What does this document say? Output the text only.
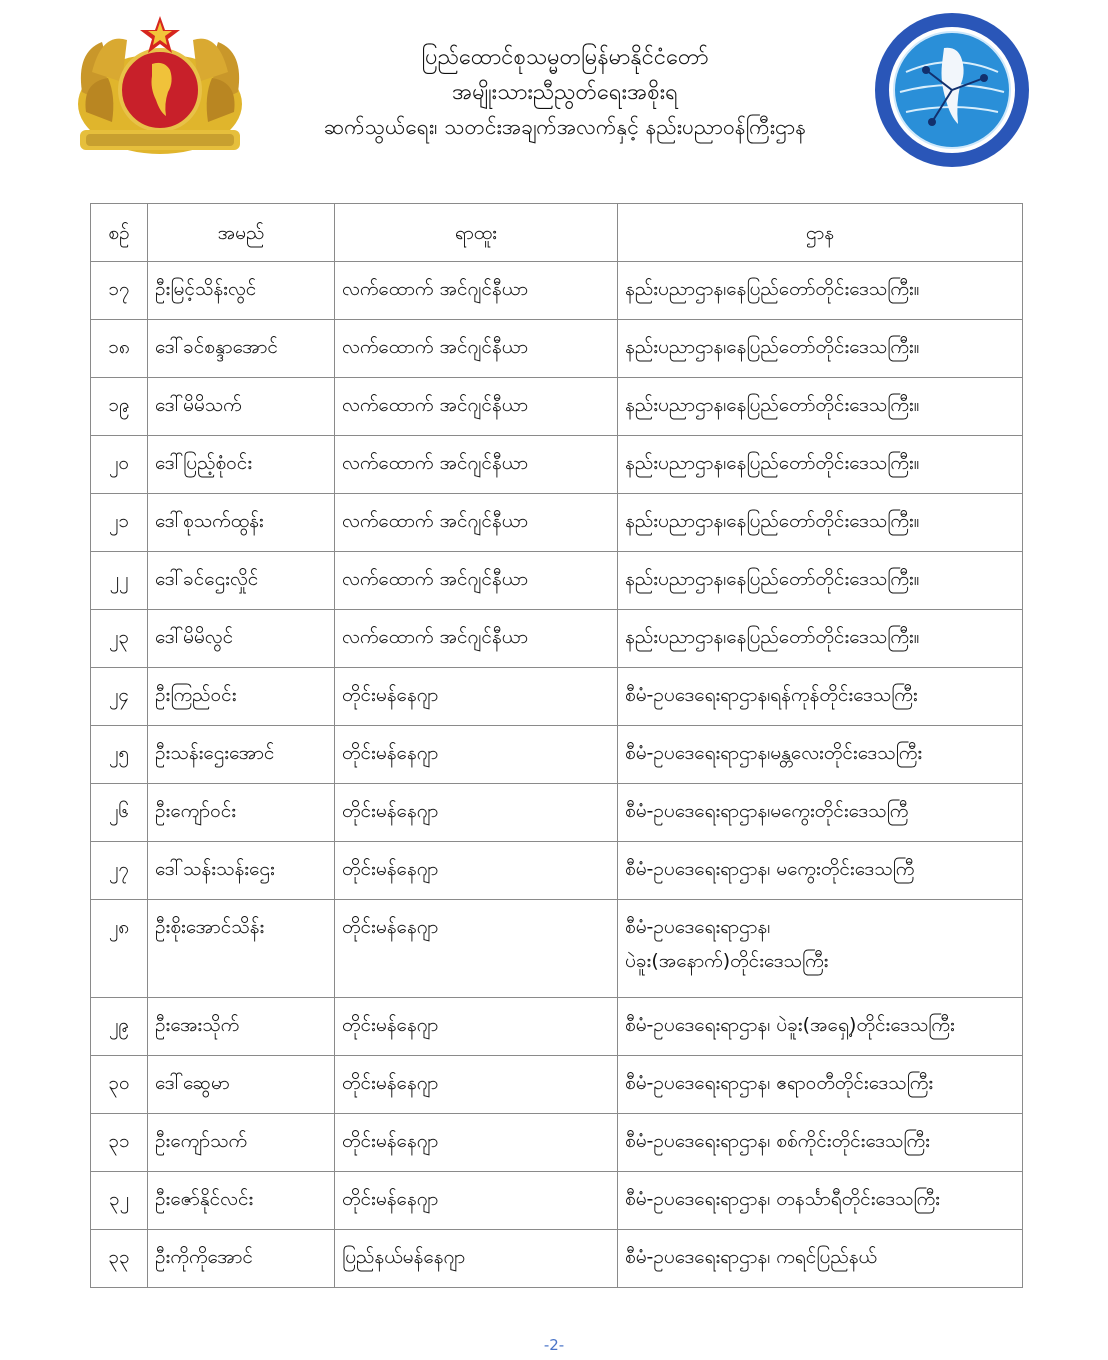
ပြည်ထောင်စုသမ္မတမြန်မာနိုင်ငံတော်
အမျိုးသားညီညွတ်ရေးအစိုးရ
ဆက်သွယ်ရေး၊ သတင်းအချက်အလက်နှင့် နည်းပညာဝန်ကြီးဌာန
စဉ်	အမည်	ရာထူး	ဌာန
၁၇	ဦးမြင့်သိန်းလွင်	လက်ထောက် အင်ဂျင်နီယာ	နည်းပညာဌာန၊နေပြည်တော်တိုင်းဒေသကြီး။
၁၈	ဒေါ်ခင်စန္ဒာအောင်	လက်ထောက် အင်ဂျင်နီယာ	နည်းပညာဌာန၊နေပြည်တော်တိုင်းဒေသကြီး။
၁၉	ဒေါ်မိမိသက်	လက်ထောက် အင်ဂျင်နီယာ	နည်းပညာဌာန၊နေပြည်တော်တိုင်းဒေသကြီး။
၂၀	ဒေါ်ပြည့်စုံဝင်း	လက်ထောက် အင်ဂျင်နီယာ	နည်းပညာဌာန၊နေပြည်တော်တိုင်းဒေသကြီး။
၂၁	ဒေါ်စုသက်ထွန်း	လက်ထောက် အင်ဂျင်နီယာ	နည်းပညာဌာန၊နေပြည်တော်တိုင်းဒေသကြီး။
၂၂	ဒေါ်ခင်ဌေးလှိုင်	လက်ထောက် အင်ဂျင်နီယာ	နည်းပညာဌာန၊နေပြည်တော်တိုင်းဒေသကြီး။
၂၃	ဒေါ်မိမိလွင်	လက်ထောက် အင်ဂျင်နီယာ	နည်းပညာဌာန၊နေပြည်တော်တိုင်းဒေသကြီး။
၂၄	ဦးကြည်ဝင်း	တိုင်းမန်နေဂျာ	စီမံ-ဥပဒေရေးရာဌာန၊ရန်ကုန်တိုင်းဒေသကြီး
၂၅	ဦးသန်းဌေးအောင်	တိုင်းမန်နေဂျာ	စီမံ-ဥပဒေရေးရာဌာန၊မန္တလေးတိုင်းဒေသကြီး
၂၆	ဦးကျော်ဝင်း	တိုင်းမန်နေဂျာ	စီမံ-ဥပဒေရေးရာဌာန၊မကွေးတိုင်းဒေသကြီ
၂၇	ဒေါ်သန်းသန်းဌေး	တိုင်းမန်နေဂျာ	စီမံ-ဥပဒေရေးရာဌာန၊ မကွေးတိုင်းဒေသကြီ
၂၈	ဦးစိုးအောင်သိန်း	တိုင်းမန်နေဂျာ	စီမံ-ဥပဒေရေးရာဌာန၊
ပဲခူး(အနောက်)တိုင်းဒေသကြီး

၂၉	ဦးအေးသိုက်	တိုင်းမန်နေဂျာ	စီမံ-ဥပဒေရေးရာဌာန၊ ပဲခူး(အရှေ့)တိုင်းဒေသကြီး
၃၀	ဒေါ်ဆွေမာ	တိုင်းမန်နေဂျာ	စီမံ-ဥပဒေရေးရာဌာန၊ ဧရာဝတီတိုင်းဒေသကြီး
၃၁	ဦးကျော်သက်	တိုင်းမန်နေဂျာ	စီမံ-ဥပဒေရေးရာဌာန၊ စစ်ကိုင်းတိုင်းဒေသကြီး
၃၂	ဦးဇော်နိုင်လင်း	တိုင်းမန်နေဂျာ	စီမံ-ဥပဒေရေးရာဌာန၊ တနင်္သာရီတိုင်းဒေသကြီး
၃၃	ဦးကိုကိုအောင်	ပြည်နယ်မန်နေဂျာ	စီမံ-ဥပဒေရေးရာဌာန၊ ကရင်ပြည်နယ်
-2-
